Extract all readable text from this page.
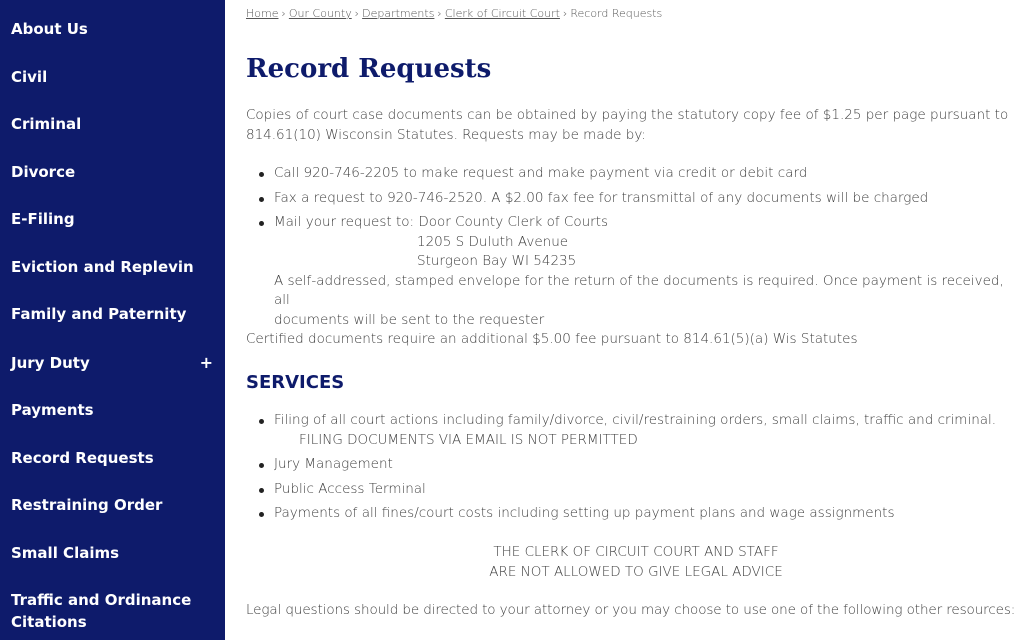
About Us
Civil
Criminal
Divorce
E-Filing
Eviction and Replevin
Family and Paternity
Jury Duty	+
Payments
Record Requests
Restraining Order
Small Claims
Traffic and Ordinance Citations
Home › Our County › Departments › Clerk of Circuit Court › Record Requests
Record Requests

Copies of court case documents can be obtained by paying the statutory copy fee of $1.25 per page pursuant to
814.61(10) Wisconsin Statutes. Requests may be made by:

Call 920-746-2205 to make request and make payment via credit or debit card
Fax a request to 920-746-2520. A $2.00 fax fee for transmittal of any documents will be charged
Mail your request to: Door County Clerk of Courts
1205 S Duluth Avenue
Sturgeon Bay WI 54235
A self-addressed, stamped envelope for the return of the documents is required. Once payment is received, all
documents will be sent to the requester

Certified documents require an additional $5.00 fee pursuant to 814.61(5)(a) Wis Statutes

SERVICES
Filing of all court actions including family/divorce, civil/restraining orders, small claims, traffic and criminal.
FILING DOCUMENTS VIA EMAIL IS NOT PERMITTED
Jury Management
Public Access Terminal
Payments of all fines/court costs including setting up payment plans and wage assignments

THE CLERK OF CIRCUIT COURT AND STAFF
ARE NOT ALLOWED TO GIVE LEGAL ADVICE

Legal questions should be directed to your attorney or you may choose to use one of the following other resources:
